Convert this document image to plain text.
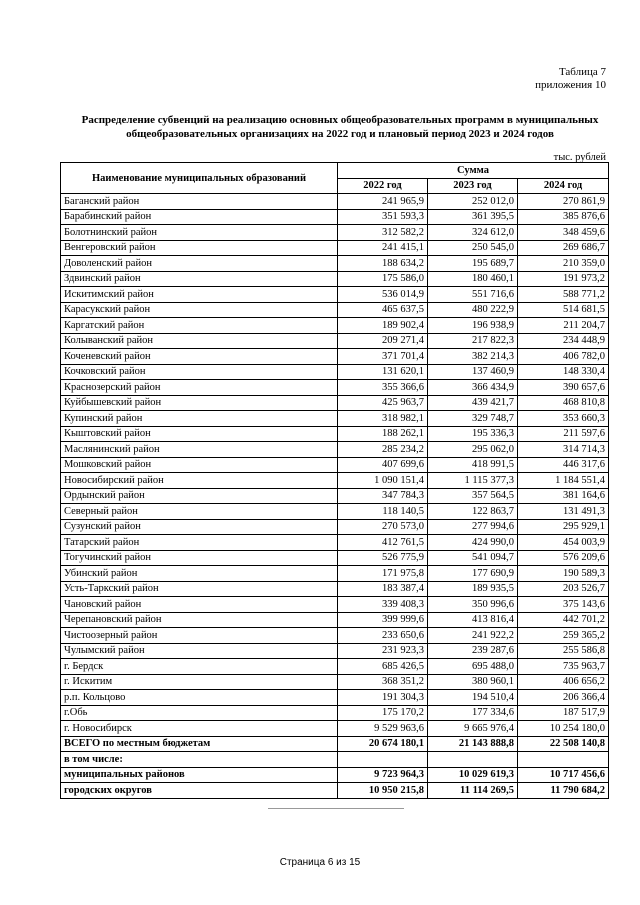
Таблица 7
приложения 10
Распределение субвенций на реализацию основных общеобразовательных программ в муниципальных
общеобразовательных организациях на 2022 год и плановый период 2023 и 2024 годов
тыс. рублей
Наименование муниципальных образований	Сумма		
	2022 год	2023 год	2024 год
Баганский район	241 965,9	252 012,0	270 861,9
Барабинский район	351 593,3	361 395,5	385 876,6
Болотнинский район	312 582,2	324 612,0	348 459,6
Венгеровский район	241 415,1	250 545,0	269 686,7
Доволенский район	188 634,2	195 689,7	210 359,0
Здвинский район	175 586,0	180 460,1	191 973,2
Искитимский район	536 014,9	551 716,6	588 771,2
Карасукский район	465 637,5	480 222,9	514 681,5
Каргатский район	189 902,4	196 938,9	211 204,7
Колыванский район	209 271,4	217 822,3	234 448,9
Коченевский район	371 701,4	382 214,3	406 782,0
Кочковский район	131 620,1	137 460,9	148 330,4
Краснозерский район	355 366,6	366 434,9	390 657,6
Куйбышевский район	425 963,7	439 421,7	468 810,8
Купинский район	318 982,1	329 748,7	353 660,3
Кыштовский район	188 262,1	195 336,3	211 597,6
Маслянинский район	285 234,2	295 062,0	314 714,3
Мошковский район	407 699,6	418 991,5	446 317,6
Новосибирский район	1 090 151,4	1 115 377,3	1 184 551,4
Ордынский район	347 784,3	357 564,5	381 164,6
Северный район	118 140,5	122 863,7	131 491,3
Сузунский район	270 573,0	277 994,6	295 929,1
Татарский район	412 761,5	424 990,0	454 003,9
Тогучинский район	526 775,9	541 094,7	576 209,6
Убинский район	171 975,8	177 690,9	190 589,3
Усть-Таркский район	183 387,4	189 935,5	203 526,7
Чановский район	339 408,3	350 996,6	375 143,6
Черепановский район	399 999,6	413 816,4	442 701,2
Чистоозерный район	233 650,6	241 922,2	259 365,2
Чулымский район	231 923,3	239 287,6	255 586,8
г. Бердск	685 426,5	695 488,0	735 963,7
г. Искитим	368 351,2	380 960,1	406 656,2
р.п. Кольцово	191 304,3	194 510,4	206 366,4
г.Обь	175 170,2	177 334,6	187 517,9
г. Новосибирск	9 529 963,6	9 665 976,4	10 254 180,0
ВСЕГО по местным бюджетам	20 674 180,1	21 143 888,8	22 508 140,8
в том числе:			
муниципальных районов	9 723 964,3	10 029 619,3	10 717 456,6
городских округов	10 950 215,8	11 114 269,5	11 790 684,2
Страница 6 из 15
